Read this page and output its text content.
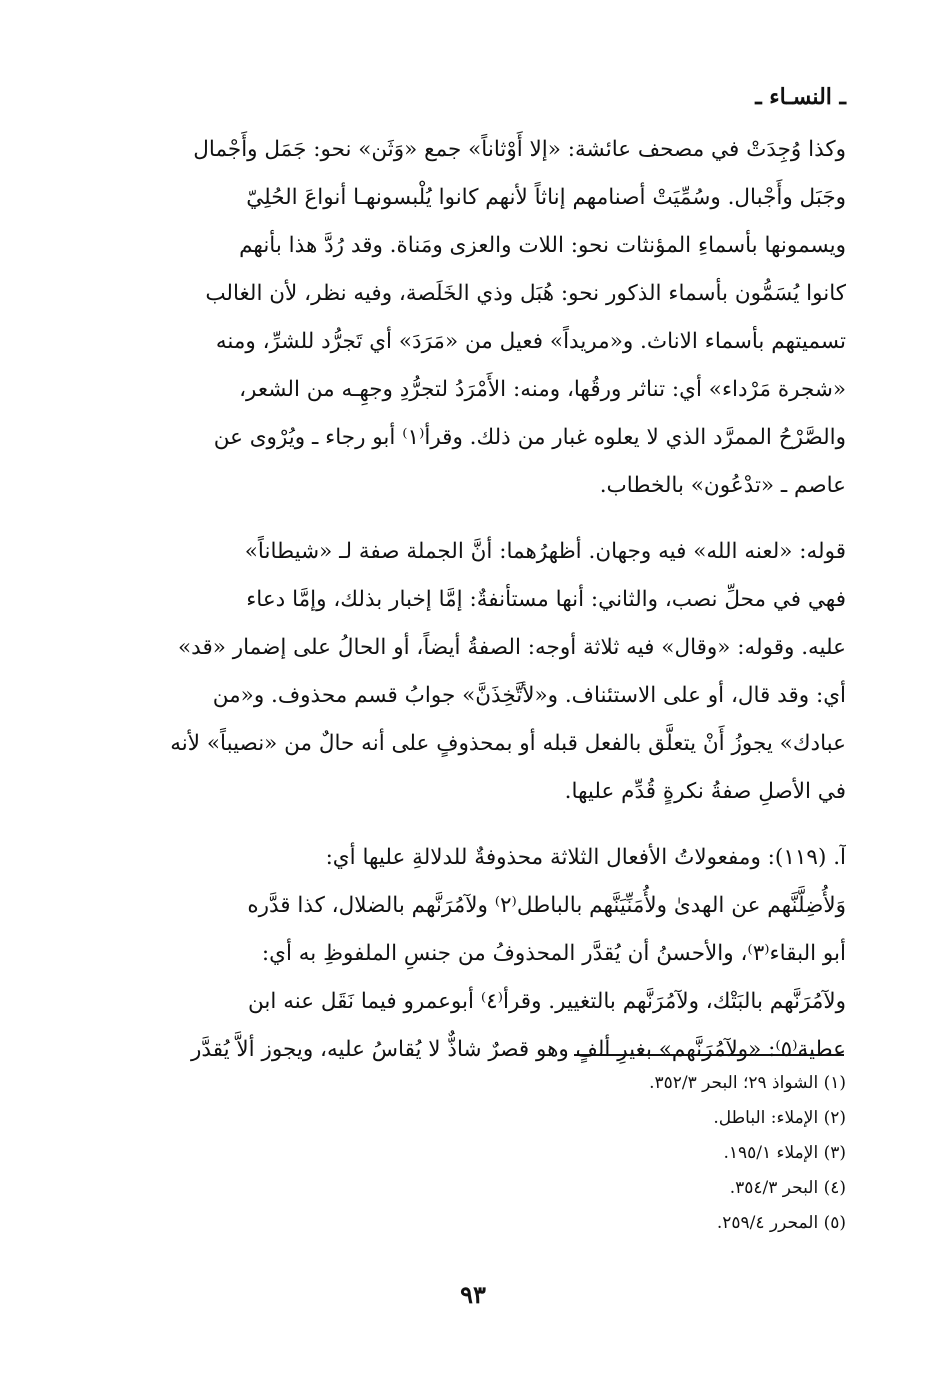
ـ النسـاء ـ
وكذا وُجِدَتْ في مصحف عائشة: «إلا أَوْثاناً» جمع «وَثَن» نحو: جَمَل وأَجْمال
وجَبَل وأَجْبال. وسُمِّيَتْ أصنامهم إناثاً لأنهم كانوا يُلْبسونهـا أنواعَ الحُلِيّ
ويسمونها بأسماءِ المؤنثات نحو: اللات والعزى ومَناة. وقد رُدَّ هذا بأنهم
كانوا يُسَمُّون بأسماء الذكور نحو: هُبَل وذي الخَلَصة، وفيه نظر، لأن الغالب
تسميتهم بأسماء الاناث. و«مريداً» فعيل من «مَرَدَ» أي تَجرُّد للشرِّ، ومنه
«شجرة مَرْداء» أي: تناثر ورقُها، ومنه: الأَمْرَدُ لتجرُّدِ وجهِـه من الشعر،
والصَّرْحُ الممرَّد الذي لا يعلوه غبار من ذلك. وقرأ⁽١⁾ أبو رجاء ـ ويُرْوى عن
عاصم ـ «تدْعُون» بالخطاب.
قوله: «لعنه الله» فيه وجهان. أظهرُهما: أنَّ الجملة صفة لـ «شيطاناً»
فهي في محلِّ نصب، والثاني: أنها مستأنفةٌ: إمَّا إخبار بذلك، وإمَّا دعاء
عليه. وقوله: «وقال» فيه ثلاثة أوجه: الصفةُ أيضاً، أو الحالُ على إضمار «قد»
أي: وقد قال، أو على الاستئناف. و«لأتَّخِذَنَّ» جوابُ قسم محذوف. و«من
عبادك» يجوزُ أَنْ يتعلَّق بالفعل قبله أو بمحذوفٍ على أنه حالٌ من «نصيباً» لأنه
في الأصلِ صفةُ نكرةٍ قُدِّم عليها.
آ. (١١٩): ومفعولاتُ الأفعال الثلاثة محذوفةٌ للدلالةِ عليها أي:
وَلأُضِلَّنَّهم عن الهدىٰ ولأُمَنِّيَنَّهم بالباطل⁽٢⁾ ولآمُرَنَّهم بالضلال، كذا قدَّره
أبو البقاء⁽٣⁾، والأحسنُ أن يُقدَّر المحذوفُ من جنسِ الملفوظِ به أي:
ولآمُرَنَّهم بالبَتْك، ولآمُرَنَّهم بالتغيير. وقرأ⁽٤⁾ أبوعمرو فيما نَقَل عنه ابن
عطية⁽٥⁾: «ولآمُرَنَّهم» بغيرِ ألفٍ وهو قصرٌ شاذٌّ لا يُقاسُ عليه، ويجوز ألاَّ يُقدَّر
(١) الشواذ ٢٩؛ البحر ٣٥٢/٣.
(٢) الإملاء: الباطل.
(٣) الإملاء ١٩٥/١.
(٤) البحر ٣٥٤/٣.
(٥) المحرر ٢٥٩/٤.
٩٣
